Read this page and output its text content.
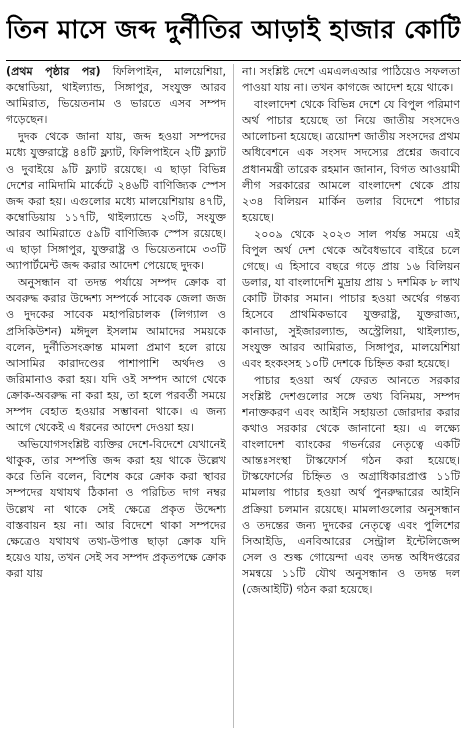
তিন মাসে জব্দ দুর্নীতির আড়াই হাজার কোটি

(প্রথম পৃষ্ঠার পর) ফিলিপাইন, মালয়েশিয়া, কম্বোডিয়া, থাইল্যান্ড, সিঙ্গাপুর, সংযুক্ত আরব আমিরাত, ভিয়েতনাম ও ভারতে এসব সম্পদ গড়েছেন।

দুদক থেকে জানা যায়, জব্দ হওয়া সম্পদের মধ্যে যুক্তরাষ্ট্রে ৪৪টি ফ্ল্যাট, ফিলিপাইনে ২টি ফ্ল্যাট ও দুবাইয়ে ৯টি ফ্ল্যাট রয়েছে। এ ছাড়া বিভিন্ন দেশের নামিদামি মার্কেটে ২৪৬টি বাণিজ্যিক স্পেস জব্দ করা হয়। এগুলোর মধ্যে মালয়েশিয়ায় ৪৭টি, কম্বোডিয়ায় ১১৭টি, থাইল্যান্ডে ২৩টি, সংযুক্ত আরব আমিরাতে ৫৯টি বাণিজ্যিক স্পেস রয়েছে। এ ছাড়া সিঙ্গাপুর, যুক্তরাষ্ট্র ও ভিয়েতনামে ৩৩টি অ্যাপার্টমেন্ট জব্দ করার আদেশ পেয়েছে দুদক।

অনুসন্ধান বা তদন্ত পর্যায়ে সম্পদ ক্রোক বা অবরুদ্ধ করার উদ্দেশ্য সম্পর্কে সাবেক জেলা জজ ও দুদকের সাবেক মহাপরিচালক (লিগ্যাল ও প্রসিকিউশন) মঈদুল ইসলাম আমাদের সময়কে বলেন, দুর্নীতিসংক্রান্ত মামলা প্রমাণ হলে রায়ে আসামির কারাদণ্ডের পাশাপাশি অর্থদণ্ড ও জরিমানাও করা হয়। যদি ওই সম্পদ আগে থেকে ক্রোক-অবরুদ্ধ না করা হয়, তা হলে পরবর্তী সময়ে সম্পদ বেহাত হওয়ার সম্ভাবনা থাকে। এ জন্য আগে থেকেই এ ধরনের আদেশ দেওয়া হয়।

অভিযোগসংশ্লিষ্ট ব্যক্তির দেশে-বিদেশে যেখানেই থাকুক, তার সম্পত্তি জব্দ করা হয় থাকে উল্লেখ করে তিনি বলেন, বিশেষ করে ক্রোক করা স্থাবর সম্পদের যথাযথ ঠিকানা ও পরিচিত দাগ নম্বর উল্লেখ না থাকে সেই ক্ষেত্রে প্রকৃত উদ্দেশ্য বাস্তবায়ন হয় না। আর বিদেশে থাকা সম্পদের ক্ষেত্রেও যথাযথ তথ্য-উপাত্ত ছাড়া ক্রোক যদি হয়েও যায়, তখন সেই সব সম্পদ প্রকৃতপক্ষে ক্রোক করা যায়

না। সংশ্লিষ্ট দেশে এমএলএআর পাঠিয়েও সফলতা পাওয়া যায় না। তখন কাগজে আদেশ হয়ে থাকে।

বাংলাদেশ থেকে বিভিন্ন দেশে যে বিপুল পরিমাণ অর্থ পাচার হয়েছে তা নিয়ে জাতীয় সংসদেও আলোচনা হয়েছে। ত্রয়োদশ জাতীয় সংসদের প্রথম অধিবেশনে এক সংসদ সদস্যের প্রশ্নের জবাবে প্রধানমন্ত্রী তারেক রহমান জানান, বিগত আওয়ামী লীগ সরকারের আমলে বাংলাদেশ থেকে প্রায় ২৩৪ বিলিয়ন মার্কিন ডলার বিদেশে পাচার হয়েছে।

২০০৯ থেকে ২০২৩ সাল পর্যন্ত সময়ে এই বিপুল অর্থ দেশ থেকে অবৈধভাবে বাইরে চলে গেছে। এ হিসাবে বছরে গড়ে প্রায় ১৬ বিলিয়ন ডলার, যা বাংলাদেশি মুদ্রায় প্রায় ১ দশমিক ৮ লাখ কোটি টাকার সমান। পাচার হওয়া অর্থের গন্তব্য হিসেবে প্রাথমিকভাবে যুক্তরাষ্ট্র, যুক্তরাজ্য, কানাডা, সুইজারল্যান্ড, অস্ট্রেলিয়া, থাইল্যান্ড, সংযুক্ত আরব আমিরাত, সিঙ্গাপুর, মালয়েশিয়া এবং হংকংসহ ১০টি দেশকে চিহ্নিত করা হয়েছে।

পাচার হওয়া অর্থ ফেরত আনতে সরকার সংশ্লিষ্ট দেশগুলোর সঙ্গে তথ্য বিনিময়, সম্পদ শনাক্তকরণ এবং আইনি সহায়তা জোরদার করার কথাও সরকার থেকে জানানো হয়। এ লক্ষ্যে বাংলাদেশ ব্যাংকের গভর্নরের নেতৃত্বে একটি আন্তঃসংস্থা টাস্কফোর্স গঠন করা হয়েছে। টাস্কফোর্সের চিহ্নিত ও অগ্রাধিকারপ্রাপ্ত ১১টি মামলায় পাচার হওয়া অর্থ পুনরুদ্ধারের আইনি প্রক্রিয়া চলমান রয়েছে। মামলাগুলোর অনুসন্ধান ও তদন্তের জন্য দুদকের নেতৃত্বে এবং পুলিশের সিআইডি, এনবিআরের সেন্ট্রাল ইন্টেলিজেন্স সেল ও শুল্ক গোয়েন্দা এবং তদন্ত অধিদপ্তরের সমন্বয়ে ১১টি যৌথ অনুসন্ধান ও তদন্ত দল (জেআইটি) গঠন করা হয়েছে।
